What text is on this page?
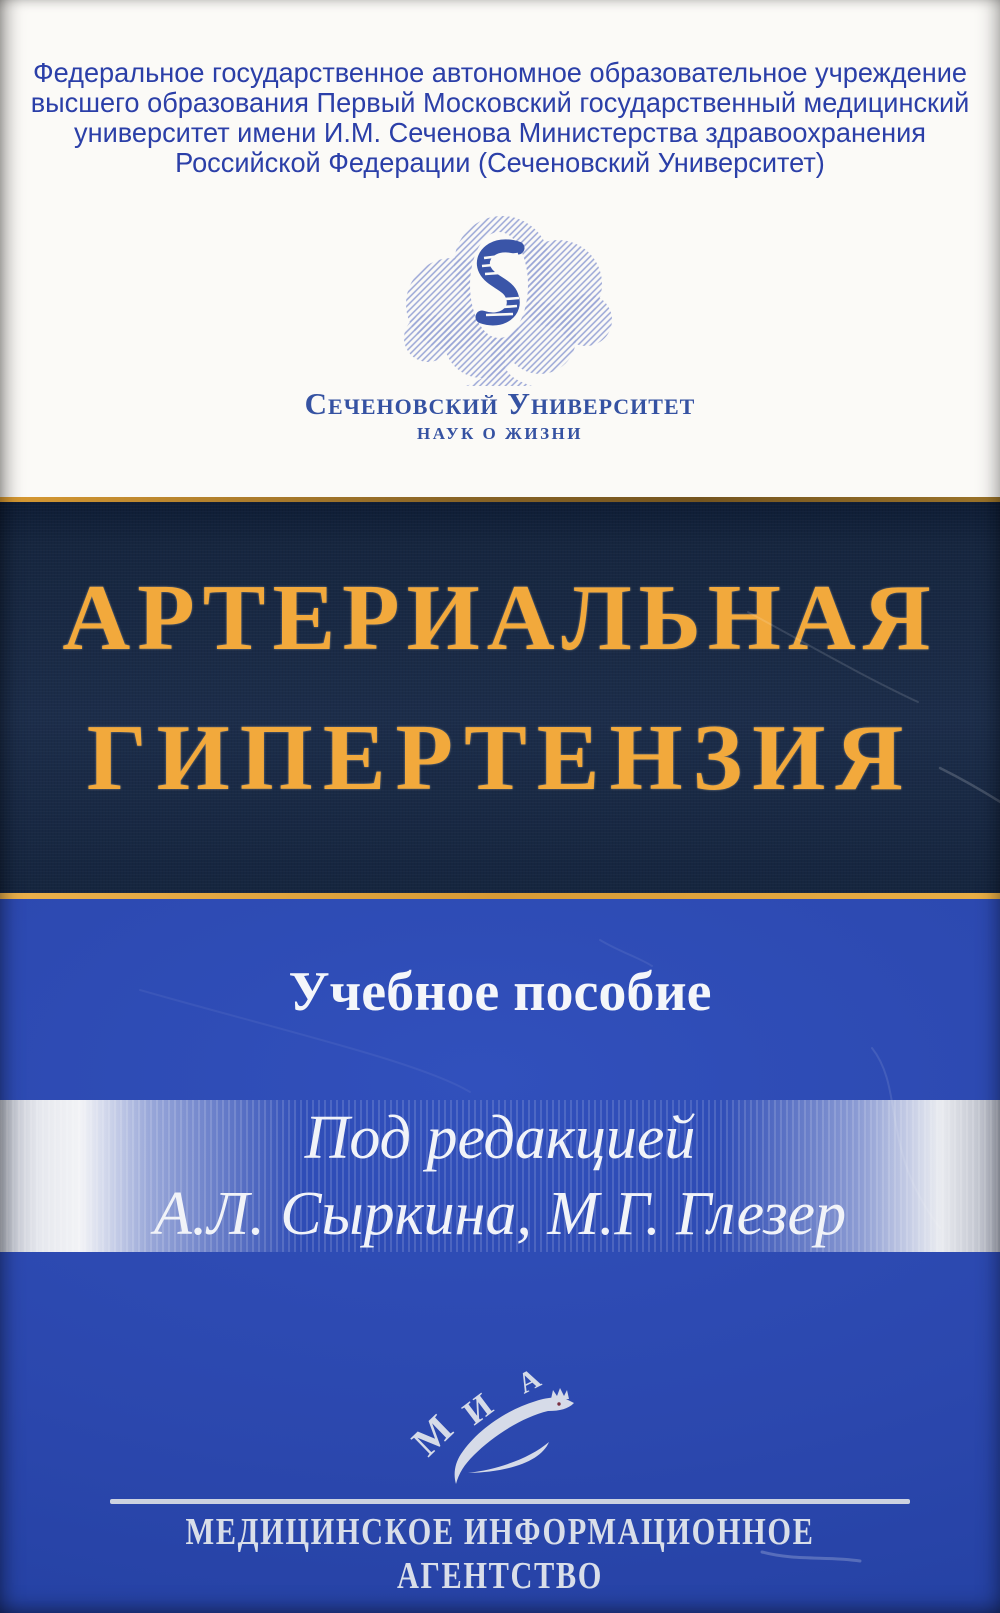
Федеральное государственное автономное образовательное учреждение
высшего образования Первый Московский государственный медицинский
университет имени И.М. Сеченова Министерства здравоохранения
Российской Федерации (Сеченовский Университет)
Сеченовский Университет
НАУК О ЖИЗНИ
АРТЕРИАЛЬНАЯ
ГИПЕРТЕНЗИЯ
Учебное пособие
Под редакцией
А.Л. Сыркина, М.Г. Глезер
М
И
А
МЕДИЦИНСКОЕ ИНФОРМАЦИОННОЕ АГЕНТСТВО
